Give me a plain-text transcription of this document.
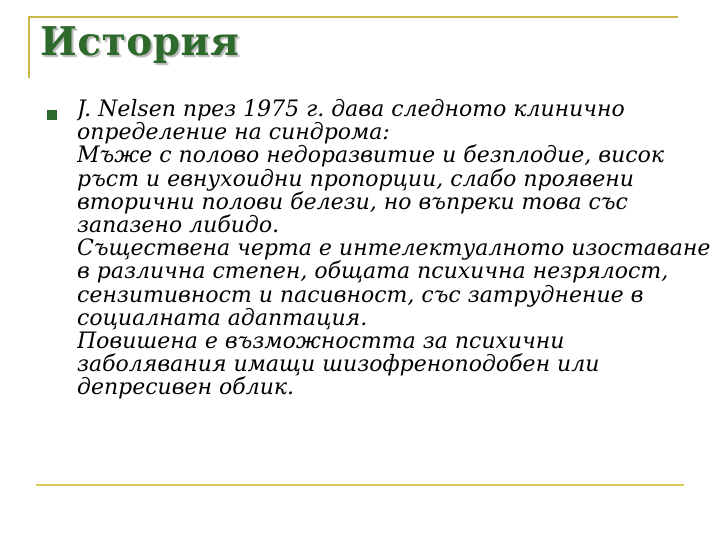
История

J. Nelsen през 1975 г. дава следното клинично
определение на синдрома:
Мъже с полово недоразвитие и безплодие, висок
ръст и евнухоидни пропорции, слабо проявени
вторични полови белези, но въпреки това със
запазено либидо.
Съществена черта е интелектуалното изоставане
в различна степен, общата психична незрялост,
сензитивност и пасивност, със затруднение в
социалната адаптация.
Повишена е възможността за психични
заболявания имащи шизофреноподобен или
депресивен облик.
